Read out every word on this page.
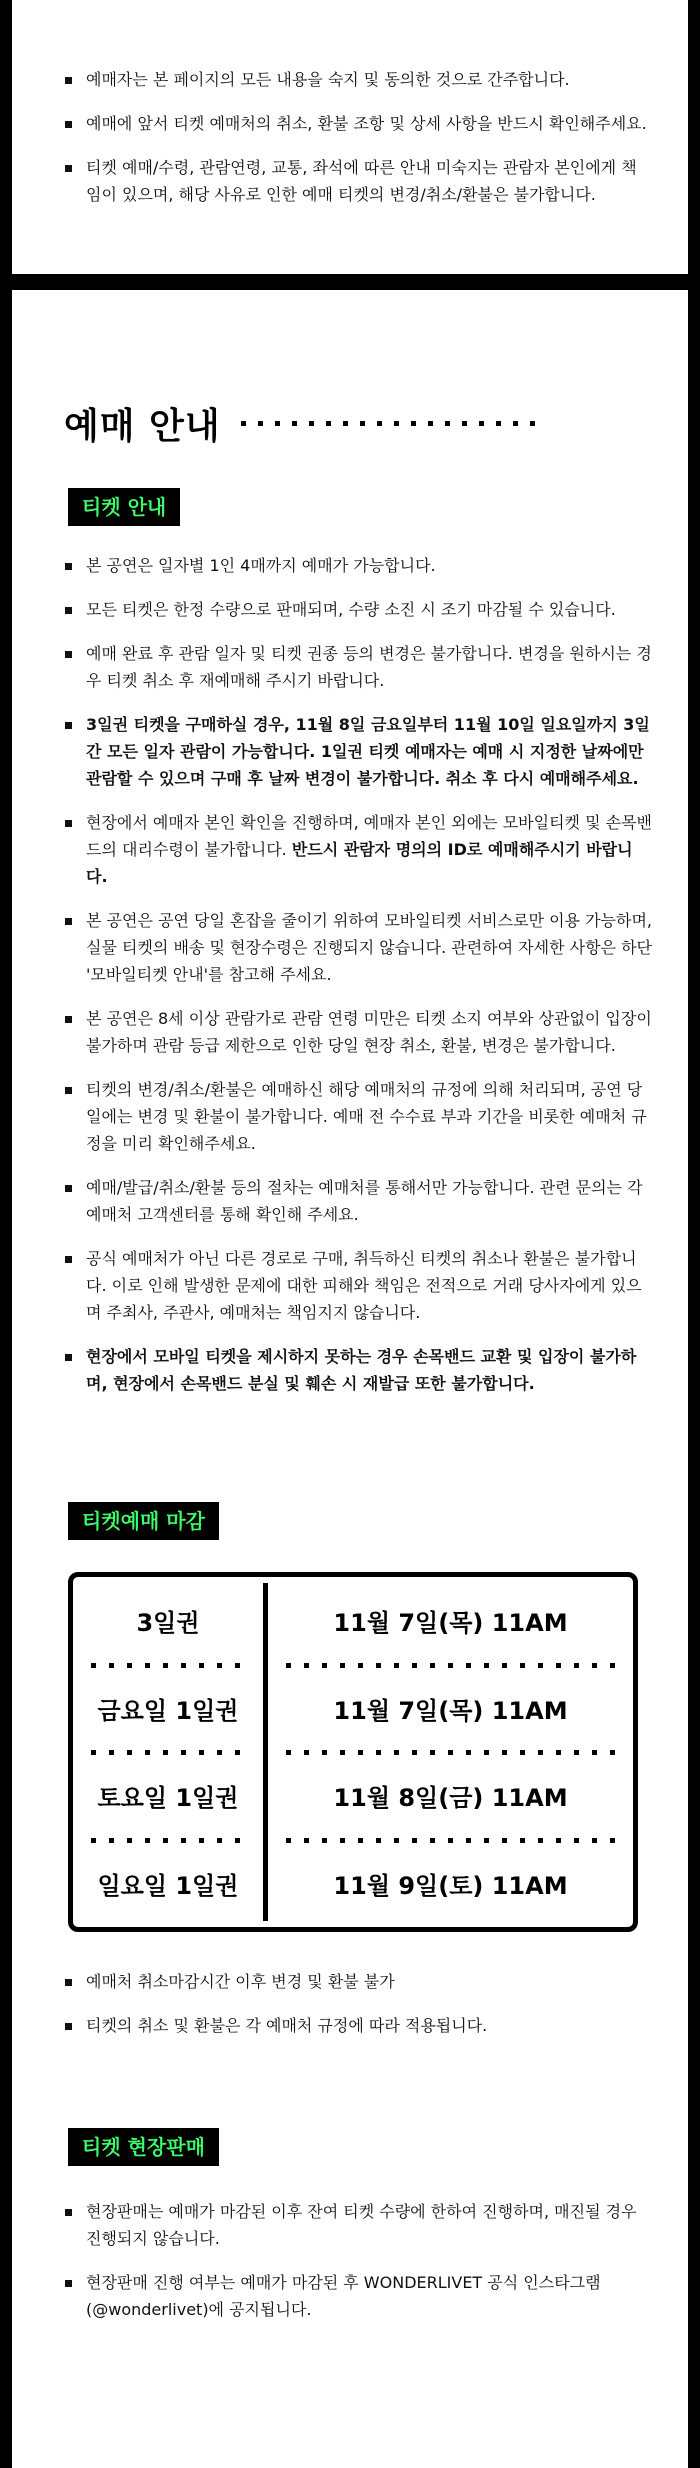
예매자는 본 페이지의 모든 내용을 숙지 및 동의한 것으로 간주합니다.
예매에 앞서 티켓 예매처의 취소, 환불 조항 및 상세 사항을 반드시 확인해주세요.
티켓 예매/수령, 관람연령, 교통, 좌석에 따른 안내 미숙지는 관람자 본인에게 책임이 있으며, 해당 사유로 인한 예매 티켓의 변경/취소/환불은 불가합니다.
예매 안내
티켓 안내
본 공연은 일자별 1인 4매까지 예매가 가능합니다.
모든 티켓은 한정 수량으로 판매되며, 수량 소진 시 조기 마감될 수 있습니다.
예매 완료 후 관람 일자 및 티켓 권종 등의 변경은 불가합니다. 변경을 원하시는 경우 티켓 취소 후 재예매해 주시기 바랍니다.
3일권 티켓을 구매하실 경우, 11월 8일 금요일부터 11월 10일 일요일까지 3일간 모든 일자 관람이 가능합니다. 1일권 티켓 예매자는 예매 시 지정한 날짜에만 관람할 수 있으며 구매 후 날짜 변경이 불가합니다. 취소 후 다시 예매해주세요.
현장에서 예매자 본인 확인을 진행하며, 예매자 본인 외에는 모바일티켓 및 손목밴드의 대리수령이 불가합니다. 반드시 관람자 명의의 ID로 예매해주시기 바랍니다.
본 공연은 공연 당일 혼잡을 줄이기 위하여 모바일티켓 서비스로만 이용 가능하며, 실물 티켓의 배송 및 현장수령은 진행되지 않습니다. 관련하여 자세한 사항은 하단 '모바일티켓 안내'를 참고해 주세요.
본 공연은 8세 이상 관람가로 관람 연령 미만은 티켓 소지 여부와 상관없이 입장이 불가하며 관람 등급 제한으로 인한 당일 현장 취소, 환불, 변경은 불가합니다.
티켓의 변경/취소/환불은 예매하신 해당 예매처의 규정에 의해 처리되며, 공연 당일에는 변경 및 환불이 불가합니다. 예매 전 수수료 부과 기간을 비롯한 예매처 규정을 미리 확인해주세요.
예매/발급/취소/환불 등의 절차는 예매처를 통해서만 가능합니다. 관련 문의는 각 예매처 고객센터를 통해 확인해 주세요.
공식 예매처가 아닌 다른 경로로 구매, 취득하신 티켓의 취소나 환불은 불가합니다. 이로 인해 발생한 문제에 대한 피해와 책임은 전적으로 거래 당사자에게 있으며 주최사, 주관사, 예매처는 책임지지 않습니다.
현장에서 모바일 티켓을 제시하지 못하는 경우 손목밴드 교환 및 입장이 불가하며, 현장에서 손목밴드 분실 및 훼손 시 재발급 또한 불가합니다.
티켓예매 마감
3일권
금요일 1일권
토요일 1일권
일요일 1일권
11월 7일(목) 11AM
11월 7일(목) 11AM
11월 8일(금) 11AM
11월 9일(토) 11AM
예매처 취소마감시간 이후 변경 및 환불 불가
티켓의 취소 및 환불은 각 예매처 규정에 따라 적용됩니다.
티켓 현장판매
현장판매는 예매가 마감된 이후 잔여 티켓 수량에 한하여 진행하며, 매진될 경우 진행되지 않습니다.
현장판매 진행 여부는 예매가 마감된 후 WONDERLIVET 공식 인스타그램(@wonderlivet)에 공지됩니다.
